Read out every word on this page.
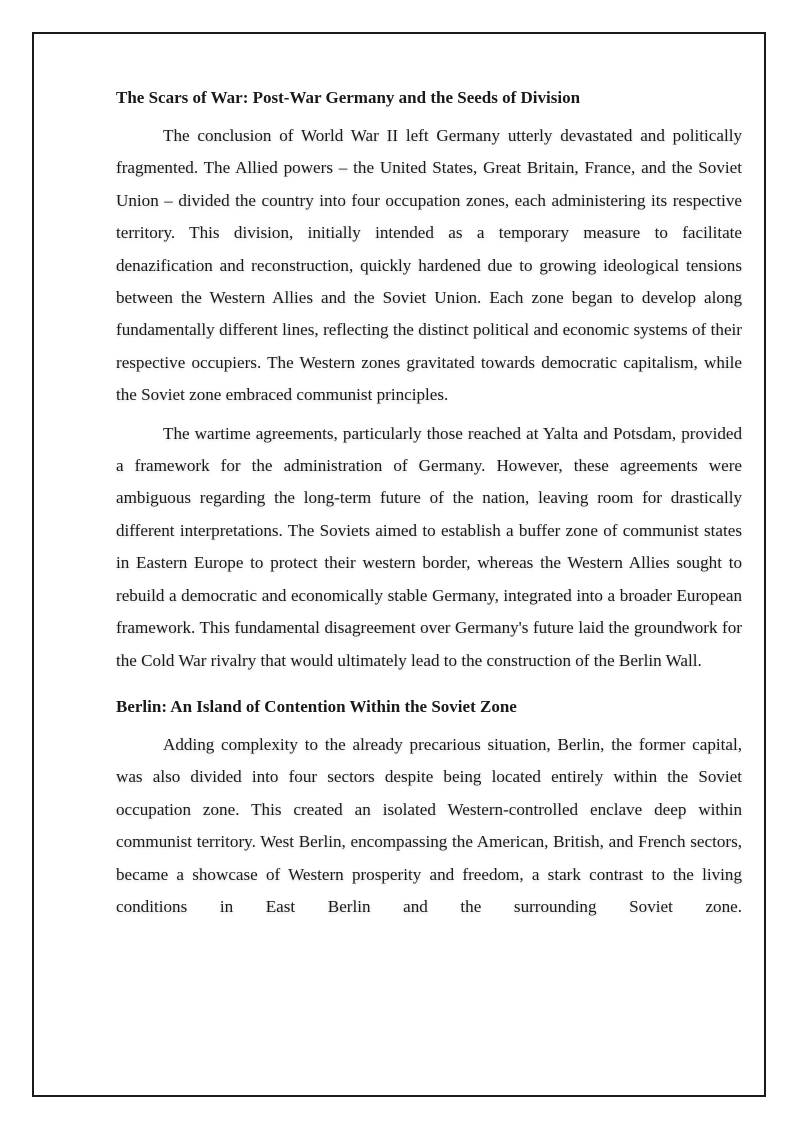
The Scars of War: Post-War Germany and the Seeds of Division

The conclusion of World War II left Germany utterly devastated and politically fragmented. The Allied powers – the United States, Great Britain, France, and the Soviet Union – divided the country into four occupation zones, each administering its respective territory. This division, initially intended as a temporary measure to facilitate denazification and reconstruction, quickly hardened due to growing ideological tensions between the Western Allies and the Soviet Union. Each zone began to develop along fundamentally different lines, reflecting the distinct political and economic systems of their respective occupiers. The Western zones gravitated towards democratic capitalism, while the Soviet zone embraced communist principles.

The wartime agreements, particularly those reached at Yalta and Potsdam, provided a framework for the administration of Germany. However, these agreements were ambiguous regarding the long-term future of the nation, leaving room for drastically different interpretations. The Soviets aimed to establish a buffer zone of communist states in Eastern Europe to protect their western border, whereas the Western Allies sought to rebuild a democratic and economically stable Germany, integrated into a broader European framework. This fundamental disagreement over Germany's future laid the groundwork for the Cold War rivalry that would ultimately lead to the construction of the Berlin Wall.

Berlin: An Island of Contention Within the Soviet Zone

Adding complexity to the already precarious situation, Berlin, the former capital, was also divided into four sectors despite being located entirely within the Soviet occupation zone. This created an isolated Western-controlled enclave deep within communist territory. West Berlin, encompassing the American, British, and French sectors, became a showcase of Western prosperity and freedom, a stark contrast to the living conditions in East Berlin and the surrounding Soviet zone.
